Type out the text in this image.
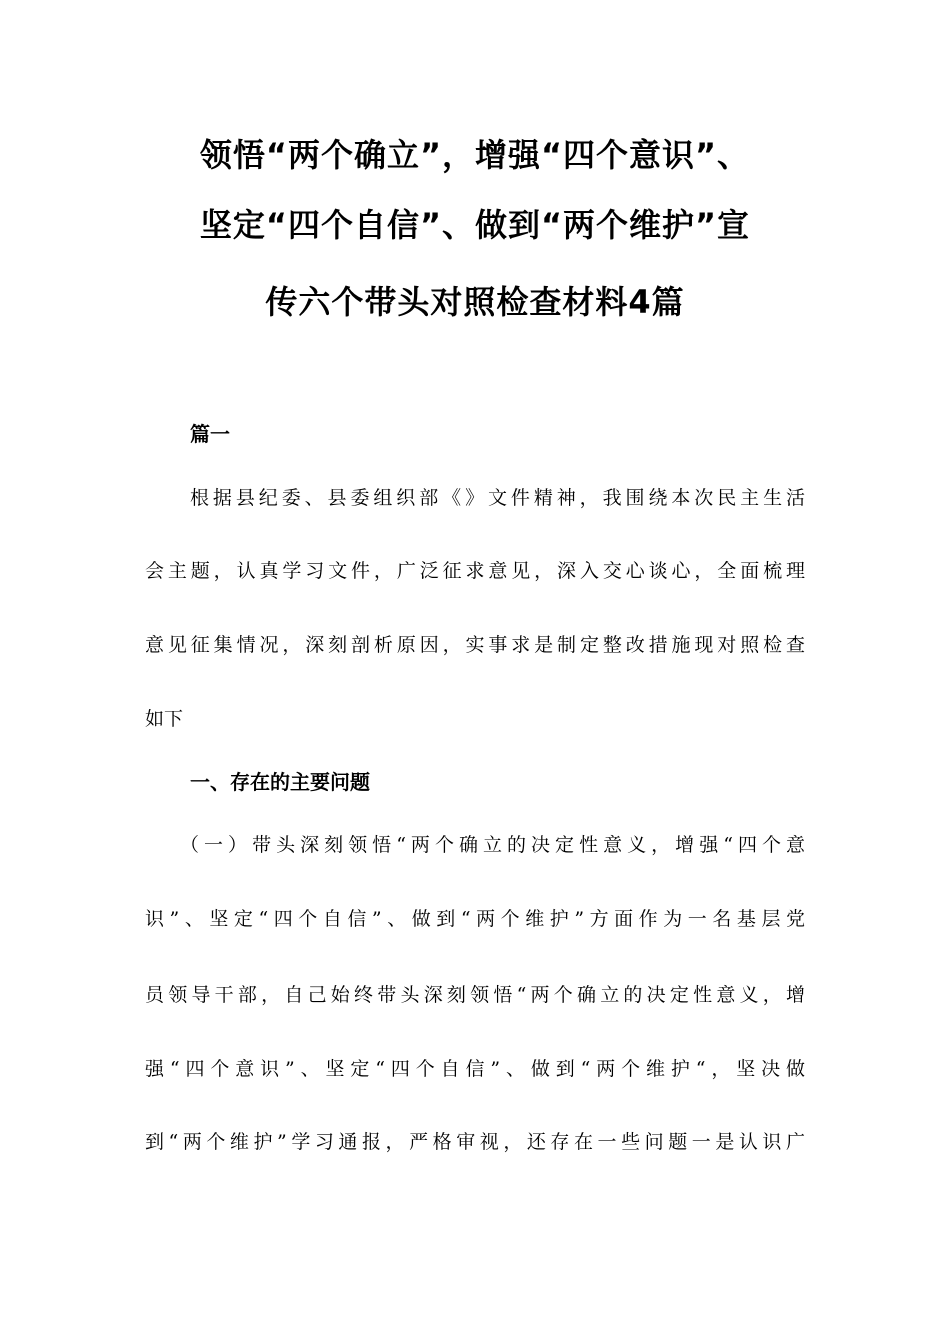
领悟“两个确立”，增强“四个意识”、
坚定“四个自信”、做到“两个维护”宣
传六个带头对照检查材料4篇
篇一
根据县纪委、县委组织部《》文件精神，我围绕本次民主生活
会主题，认真学习文件，广泛征求意见，深入交心谈心，全面梳理
意见征集情况，深刻剖析原因，实事求是制定整改措施现对照检查
如下
一、存在的主要问题
（一）带头深刻领悟“两个确立的决定性意义，增强“四个意
识”、坚定“四个自信”、做到“两个维护”方面作为一名基层党
员领导干部，自己始终带头深刻领悟“两个确立的决定性意义，增
强“四个意识”、坚定“四个自信”、做到“两个维护“，坚决做
到“两个维护”学习通报，严格审视，还存在一些问题一是认识广
